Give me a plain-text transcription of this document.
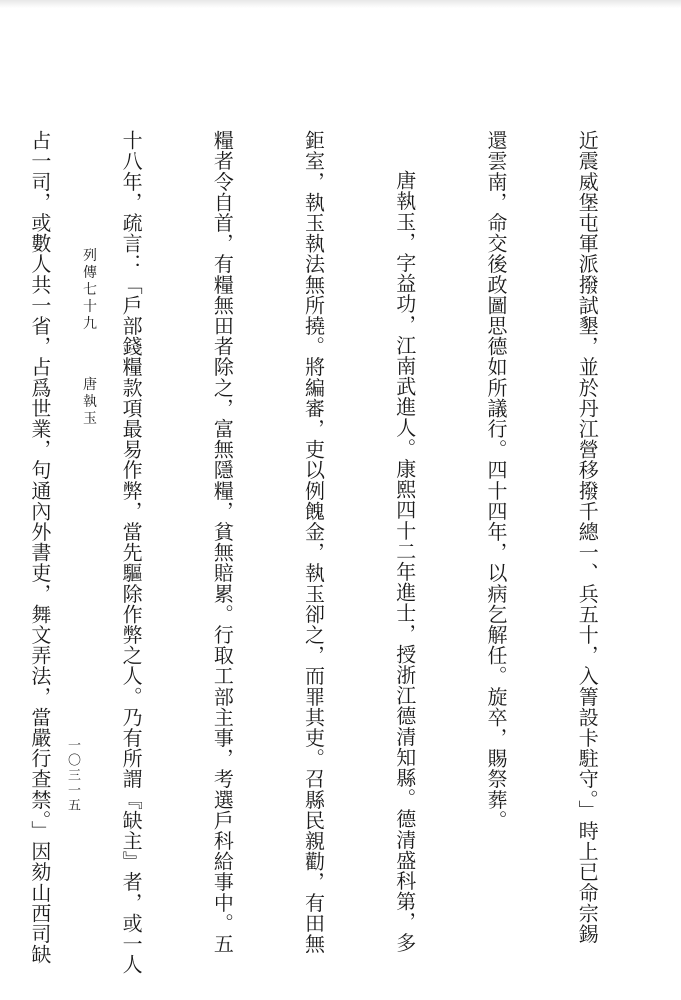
近震威堡屯軍派撥試墾，並於丹江營移撥千總一、兵五十，入箐設卡駐守。」時上已命宗錫

還雲南，命交後政圖思德如所議行。四十四年，以病乞解任。旋卒，賜祭葬。

唐執玉，字益功，江南武進人。康熙四十二年進士，授浙江德清知縣。德清盛科第，多

鉅室，執玉執法無所撓。將編審，吏以例餽金，執玉卻之，而罪其吏。召縣民親勸，有田無

糧者令自首，有糧無田者除之，富無隱糧，貧無賠累。行取工部主事，考選戶科給事中。五

十八年，疏言：「戶部錢糧款項最易作弊，當先驅除作弊之人。乃有所謂『缺主』者，或一人

占一司，或數人共一省，占爲世業，句通內外書吏，舞文弄法，當嚴行查禁。」因劾山西司缺

	列傳七十九唐執玉

一〇三一五
